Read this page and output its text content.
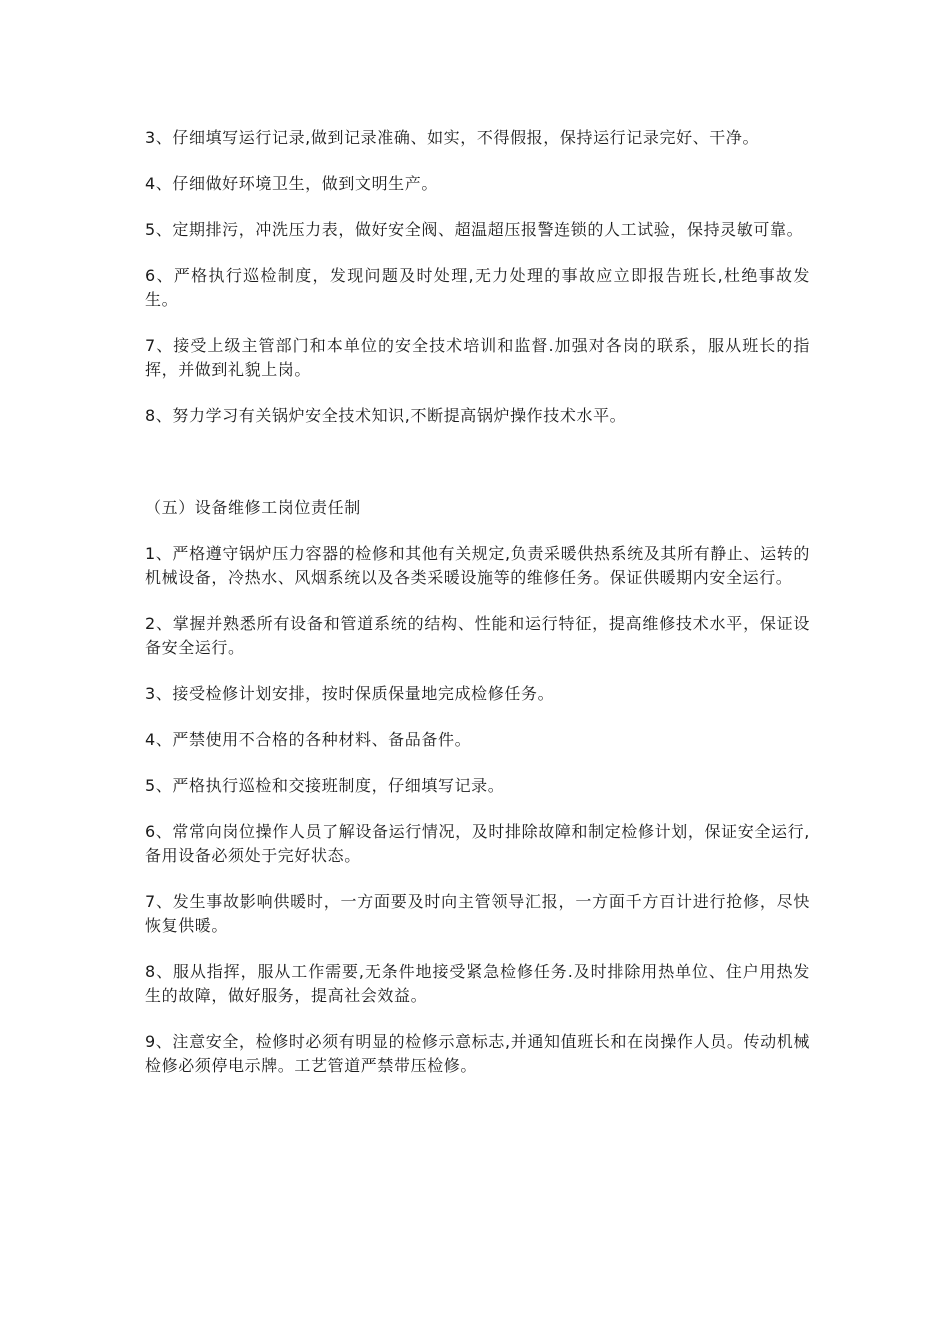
3、仔细填写运行记录,做到记录准确、如实，不得假报，保持运行记录完好、干净。

4、仔细做好环境卫生，做到文明生产。

5、定期排污，冲洗压力表，做好安全阀、超温超压报警连锁的人工试验，保持灵敏可靠。

6、严格执行巡检制度，发现问题及时处理,无力处理的事故应立即报告班长,杜绝事故发生。

7、接受上级主管部门和本单位的安全技术培训和监督.加强对各岗的联系，服从班长的指挥，并做到礼貌上岗。

8、努力学习有关锅炉安全技术知识,不断提高锅炉操作技术水平。

（五）设备维修工岗位责任制

1、严格遵守锅炉压力容器的检修和其他有关规定,负责采暖供热系统及其所有静止、运转的机械设备，冷热水、风烟系统以及各类采暖设施等的维修任务。保证供暖期内安全运行。

2、掌握并熟悉所有设备和管道系统的结构、性能和运行特征，提高维修技术水平，保证设备安全运行。

3、接受检修计划安排，按时保质保量地完成检修任务。

4、严禁使用不合格的各种材料、备品备件。

5、严格执行巡检和交接班制度，仔细填写记录。

6、常常向岗位操作人员了解设备运行情况，及时排除故障和制定检修计划，保证安全运行,备用设备必须处于完好状态。

7、发生事故影响供暖时，一方面要及时向主管领导汇报，一方面千方百计进行抢修，尽快恢复供暖。

8、服从指挥，服从工作需要,无条件地接受紧急检修任务.及时排除用热单位、住户用热发生的故障，做好服务，提高社会效益。

9、注意安全，检修时必须有明显的检修示意标志,并通知值班长和在岗操作人员。传动机械检修必须停电示牌。工艺管道严禁带压检修。
